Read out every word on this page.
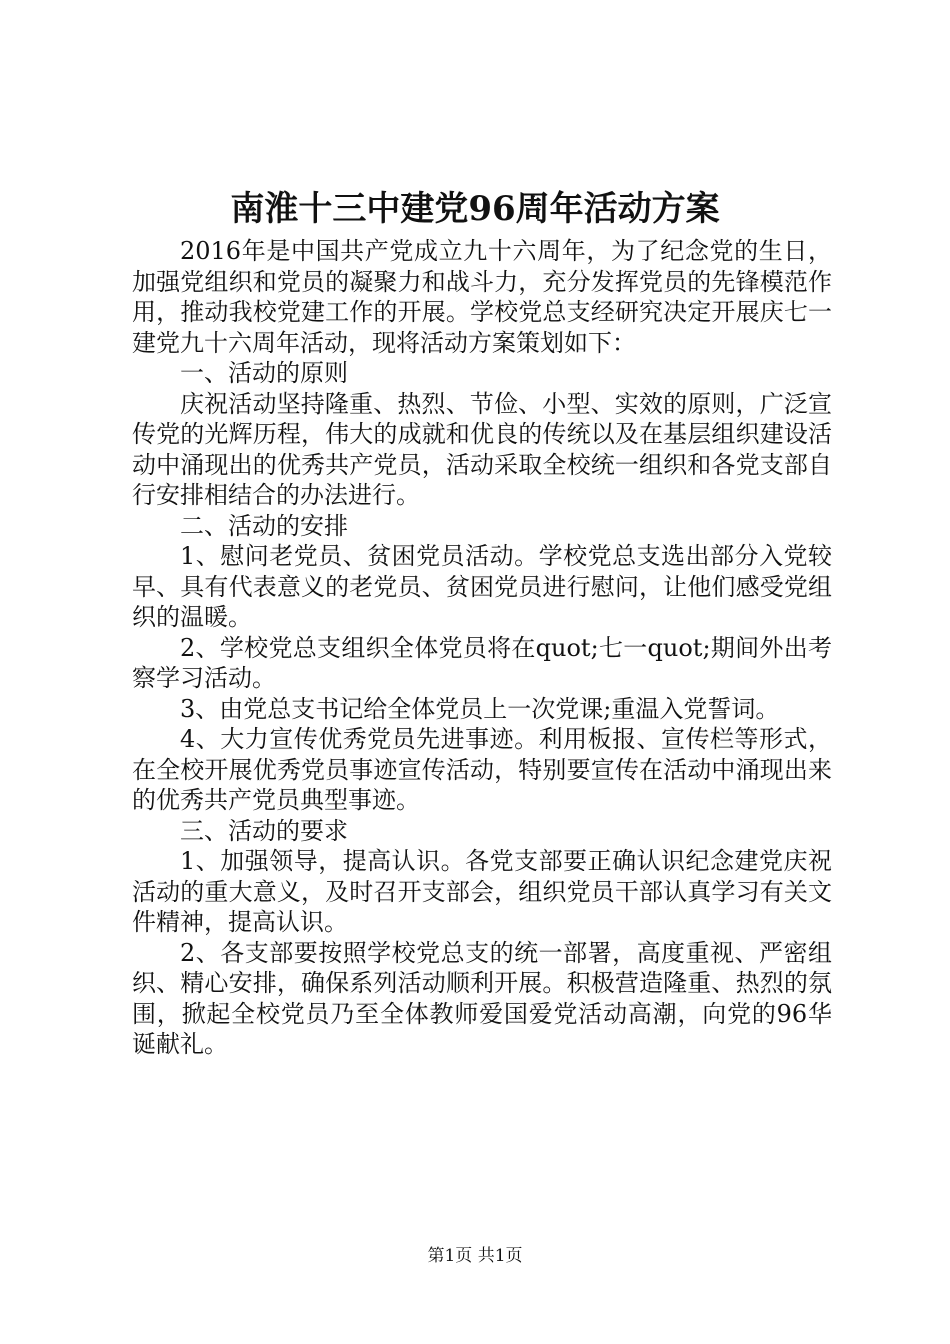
南淮十三中建党96周年活动方案

2016年是中国共产党成立九十六周年，为了纪念党的生日，加强党组织和党员的凝聚力和战斗力，充分发挥党员的先锋模范作用，推动我校党建工作的开展。学校党总支经研究决定开展庆七一建党九十六周年活动，现将活动方案策划如下：

一、活动的原则

庆祝活动坚持隆重、热烈、节俭、小型、实效的原则，广泛宣传党的光辉历程，伟大的成就和优良的传统以及在基层组织建设活动中涌现出的优秀共产党员，活动采取全校统一组织和各党支部自行安排相结合的办法进行。

二、活动的安排

1、慰问老党员、贫困党员活动。学校党总支选出部分入党较早、具有代表意义的老党员、贫困党员进行慰问，让他们感受党组织的温暖。

2、学校党总支组织全体党员将在quot;七一quot;期间外出考察学习活动。

3、由党总支书记给全体党员上一次党课;重温入党誓词。

4、大力宣传优秀党员先进事迹。利用板报、宣传栏等形式，在全校开展优秀党员事迹宣传活动，特别要宣传在活动中涌现出来的优秀共产党员典型事迹。

三、活动的要求

1、加强领导，提高认识。各党支部要正确认识纪念建党庆祝活动的重大意义，及时召开支部会，组织党员干部认真学习有关文件精神，提高认识。

2、各支部要按照学校党总支的统一部署，高度重视、严密组织、精心安排，确保系列活动顺利开展。积极营造隆重、热烈的氛围，掀起全校党员乃至全体教师爱国爱党活动高潮，向党的96华诞献礼。

第1页 共1页
